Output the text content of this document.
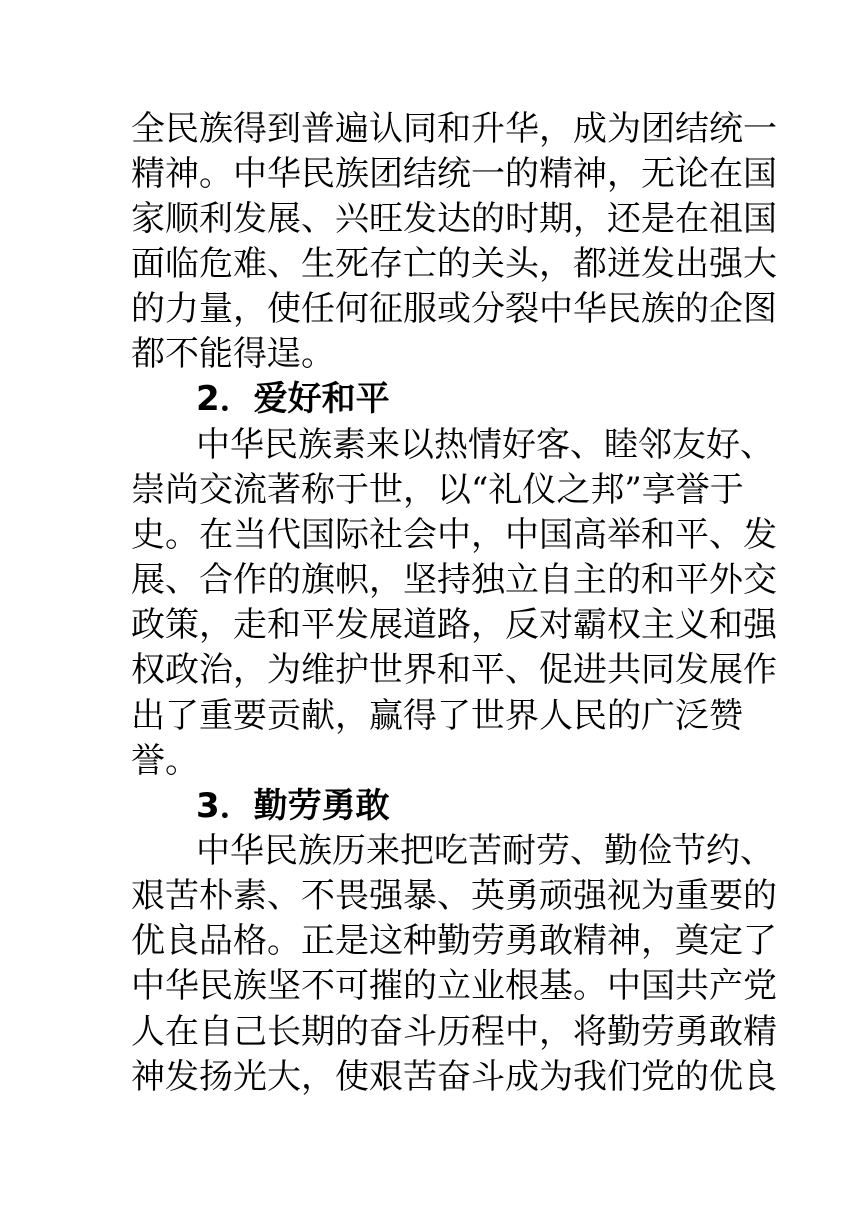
全民族得到普遍认同和升华，成为团结统一
精神。中华民族团结统一的精神，无论在国
家顺利发展、兴旺发达的时期，还是在祖国
面临危难、生死存亡的关头，都迸发出强大
的力量，使任何征服或分裂中华民族的企图
都不能得逞。
2．爱好和平
中华民族素来以热情好客、睦邻友好、
崇尚交流著称于世，以“礼仪之邦”享誉于
史。在当代国际社会中，中国高举和平、发
展、合作的旗帜，坚持独立自主的和平外交
政策，走和平发展道路，反对霸权主义和强
权政治，为维护世界和平、促进共同发展作
出了重要贡献，赢得了世界人民的广泛赞
誉。
3．勤劳勇敢
中华民族历来把吃苦耐劳、勤俭节约、
艰苦朴素、不畏强暴、英勇顽强视为重要的
优良品格。正是这种勤劳勇敢精神，奠定了
中华民族坚不可摧的立业根基。中国共产党
人在自己长期的奋斗历程中，将勤劳勇敢精
神发扬光大，使艰苦奋斗成为我们党的优良
